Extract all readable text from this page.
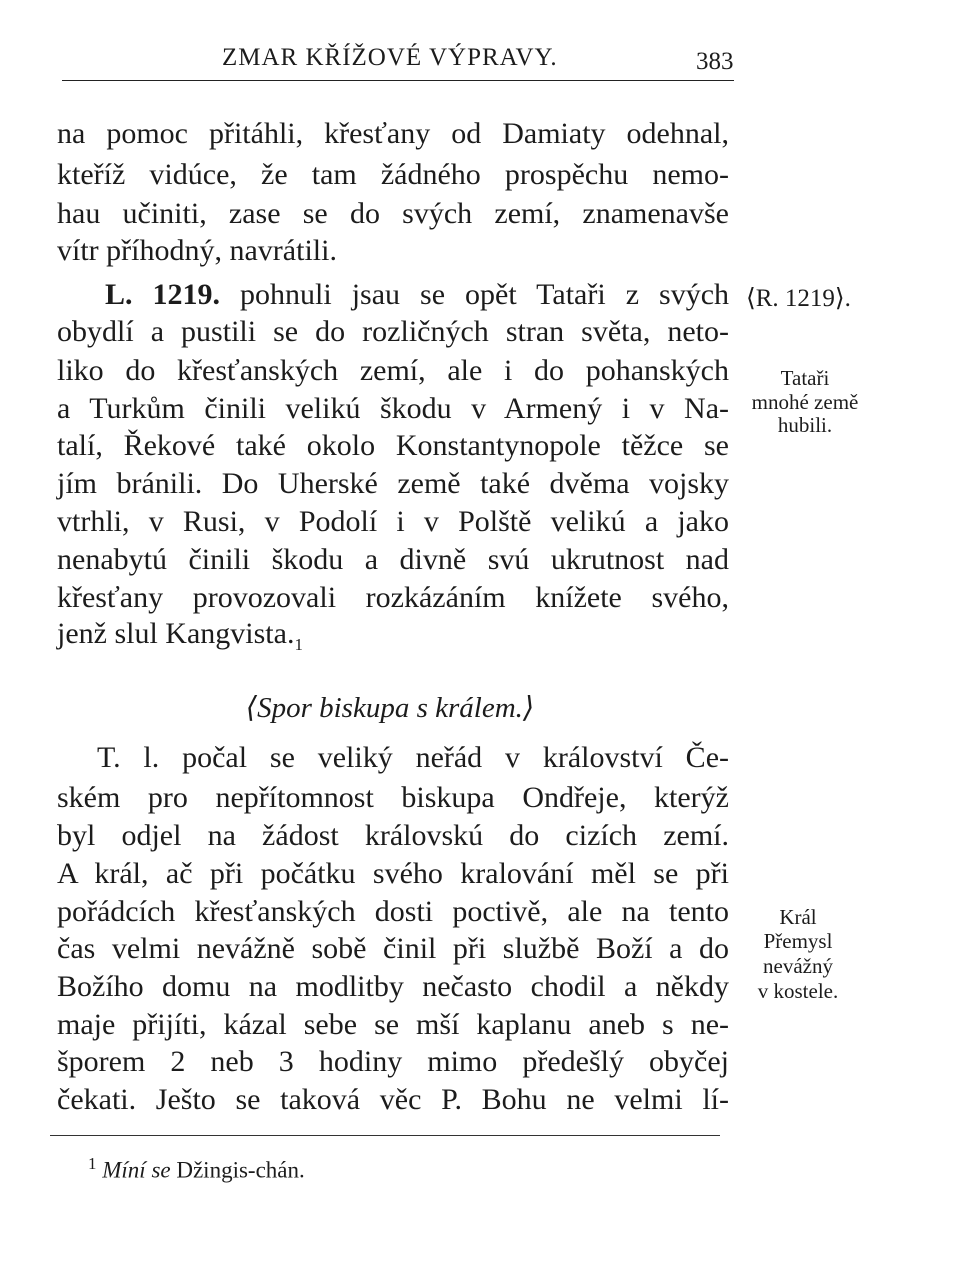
ZMAR KŘÍŽOVÉ VÝPRAVY.	383
na pomoc přitáhli, křesťany od Damiaty odehnal,
kteříž vidúce, že tam žádného prospěchu nemo-
hau učiniti, zase se do svých zemí, znamenavše
vítr příhodný, navrátili.
L. 1219. pohnuli jsau se opět Tataři z svých
obydlí a pustili se do rozličných stran světa, neto-
liko do křesťanských zemí, ale i do pohanských
a Turkům činili velikú škodu v Armený i v Na-
talí, Řekové také okolo Konstantynopole těžce se
jím bránili. Do Uherské země také dvěma vojsky
vtrhli, v Rusi, v Podolí i v Polště velikú a jako
nenabytú činili škodu a divně svú ukrutnost nad
křesťany provozovali rozkázáním knížete svého,
jenž slul $Kangvista._1$
⟨Spor biskupa s králem.⟩
T. l. počal se veliký neřád v království Če-
ském pro nepřítomnost biskupa Ondřeje, kterýž
byl odjel na žádost královskú do cizích zemí.
A král, ač při počátku svého kralování měl se při
pořádcích křesťanských dosti poctivě, ale na tento
čas velmi nevážně sobě činil při službě Boží a do
Božího domu na modlitby nečasto chodil a někdy
maje přijíti, kázal sebe se mší kaplanu aneb s ne-
šporem 2 neb 3 hodiny mimo předešlý obyčej
čekati. Ješto se taková věc P. Bohu ne velmi lí-
⟨R. 1219⟩.
Tataři
mnohé země
hubili.
Král
Přemysl
nevážný
v kostele.
$^1$ Míní se Džingis-chán.
